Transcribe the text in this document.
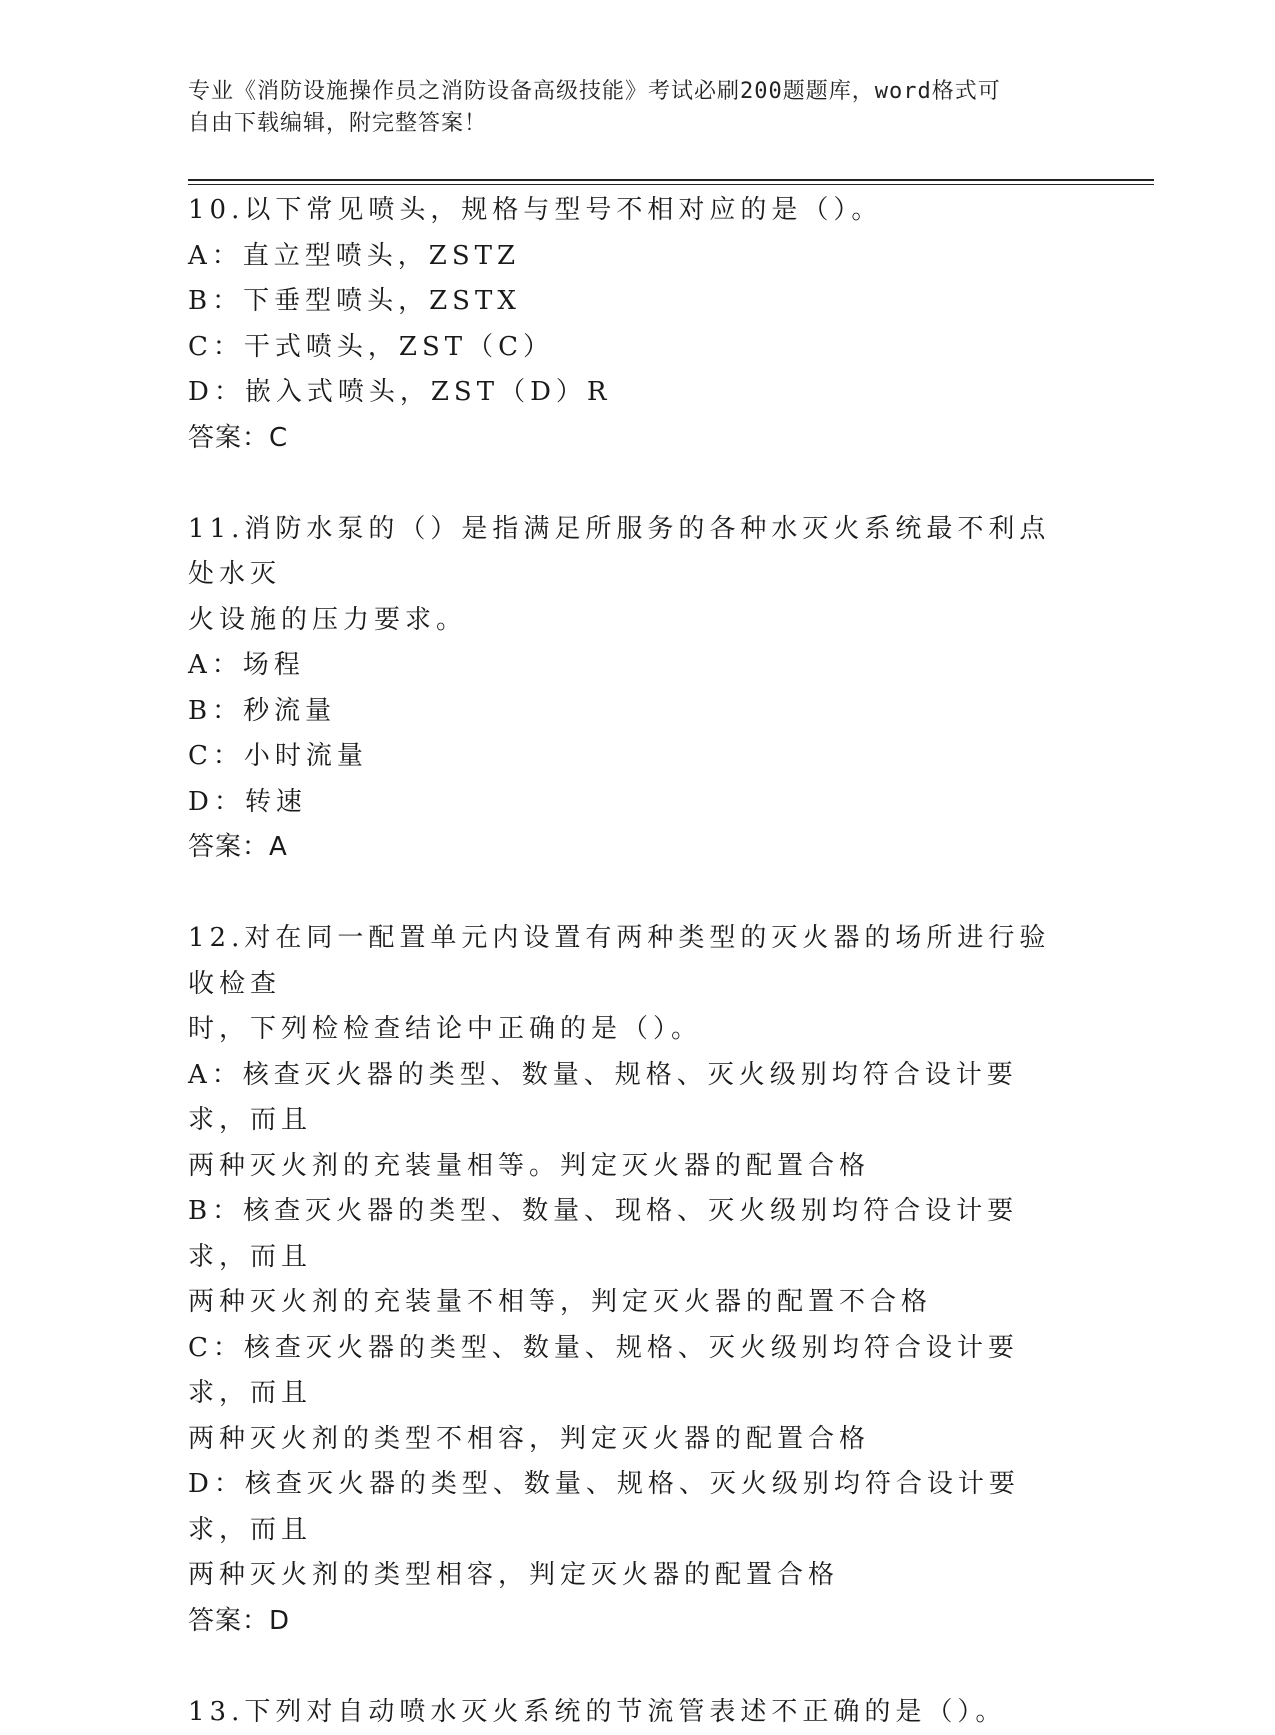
专业《消防设施操作员之消防设备高级技能》考试必刷200题题库，word格式可
自由下载编辑，附完整答案！
10.以下常见喷头，规格与型号不相对应的是（）。
A：直立型喷头，ZSTZ
B：下垂型喷头，ZSTX
C：干式喷头，ZST（C）
D：嵌入式喷头，ZST（D）R
答案：C
11.消防水泵的（）是指满足所服务的各种水灭火系统最不利点处水灭
火设施的压力要求。
A：场程
B：秒流量
C：小时流量
D：转速
答案：A
12.对在同一配置单元内设置有两种类型的灭火器的场所进行验收检查
时，下列检检查结论中正确的是（）。
A：核查灭火器的类型、数量、规格、灭火级别均符合设计要求，而且
两种灭火剂的充装量相等。判定灭火器的配置合格
B：核查灭火器的类型、数量、现格、灭火级别均符合设计要求，而且
两种灭火剂的充装量不相等，判定灭火器的配置不合格
C：核查灭火器的类型、数量、规格、灭火级别均符合设计要求，而且
两种灭火剂的类型不相容，判定灭火器的配置合格
D：核查灭火器的类型、数量、规格、灭火级别均符合设计要求，而且
两种灭火剂的类型相容，判定灭火器的配置合格
答案：D
13.下列对自动喷水灭火系统的节流管表述不正确的是（）。
